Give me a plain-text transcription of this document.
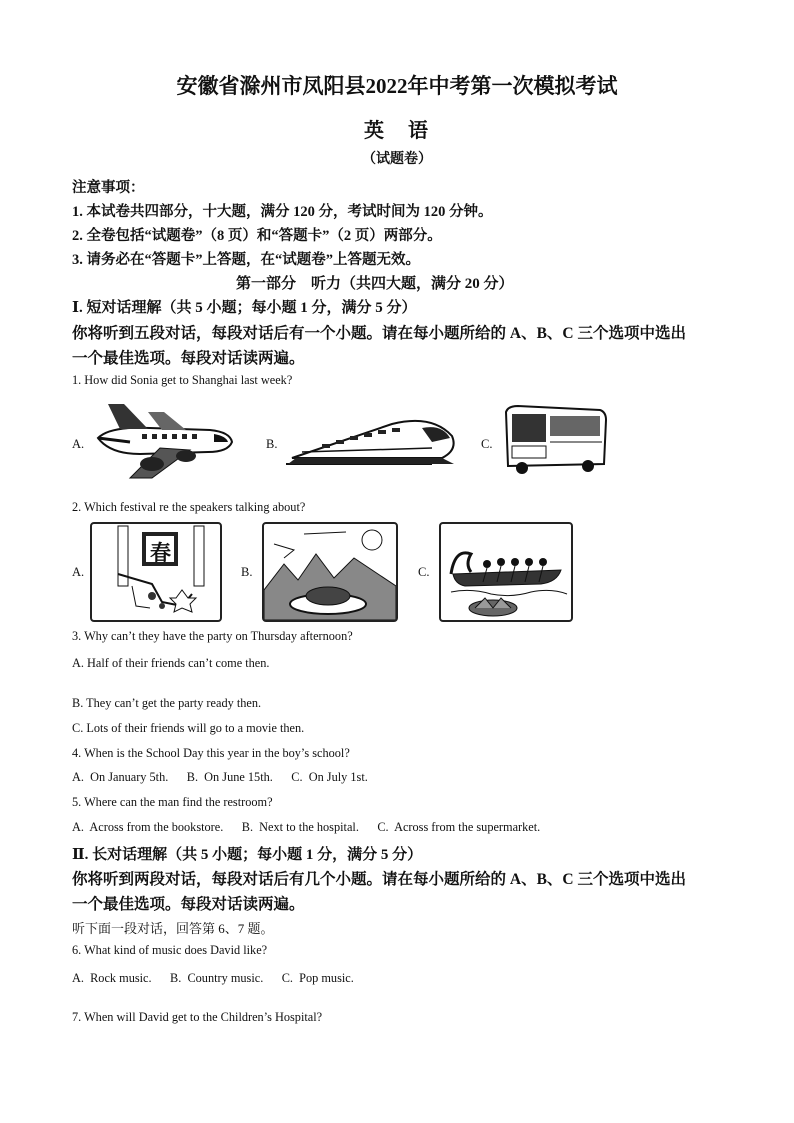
安徽省滁州市凤阳县2022年中考第一次模拟考试
英　语
（试题卷）
注意事项：
1. 本试卷共四部分，十大题，满分 120 分，考试时间为 120 分钟。
2. 全卷包括“试题卷”（8 页）和“答题卡”（2 页）两部分。
3. 请务必在“答题卡”上答题，在“试题卷”上答题无效。
第一部分　听力（共四大题，满分 20 分）
Ⅰ. 短对话理解（共 5 小题；每小题 1 分，满分 5 分）
你将听到五段对话，每段对话后有一个小题。请在每小题所给的 A、B、C 三个选项中选出
一个最佳选项。每段对话读两遍。
1. How did Sonia get to Shanghai last week?
A.	B.	C.
2. Which festival re the speakers talking about?
A.
春
B.	C.
3. Why can’t they have the party on Thursday afternoon?
A. Half of their friends can’t come then.
B. They can’t get the party ready then.
C. Lots of their friends will go to a movie then.
4. When is the School Day this year in the boy’s school?
A.  On January 5th.      B.  On June 15th.      C.  On July 1st.
5. Where can the man find the restroom?
A.  Across from the bookstore.      B.  Next to the hospital.      C.  Across from the supermarket.
Ⅱ. 长对话理解（共 5 小题；每小题 1 分，满分 5 分）
你将听到两段对话，每段对话后有几个小题。请在每小题所给的 A、B、C 三个选项中选出
一个最佳选项。每段对话读两遍。
听下面一段对话，回答第 6、7 题。
6. What kind of music does David like?
A.  Rock music.      B.  Country music.      C.  Pop music.
7. When will David get to the Children’s Hospital?
